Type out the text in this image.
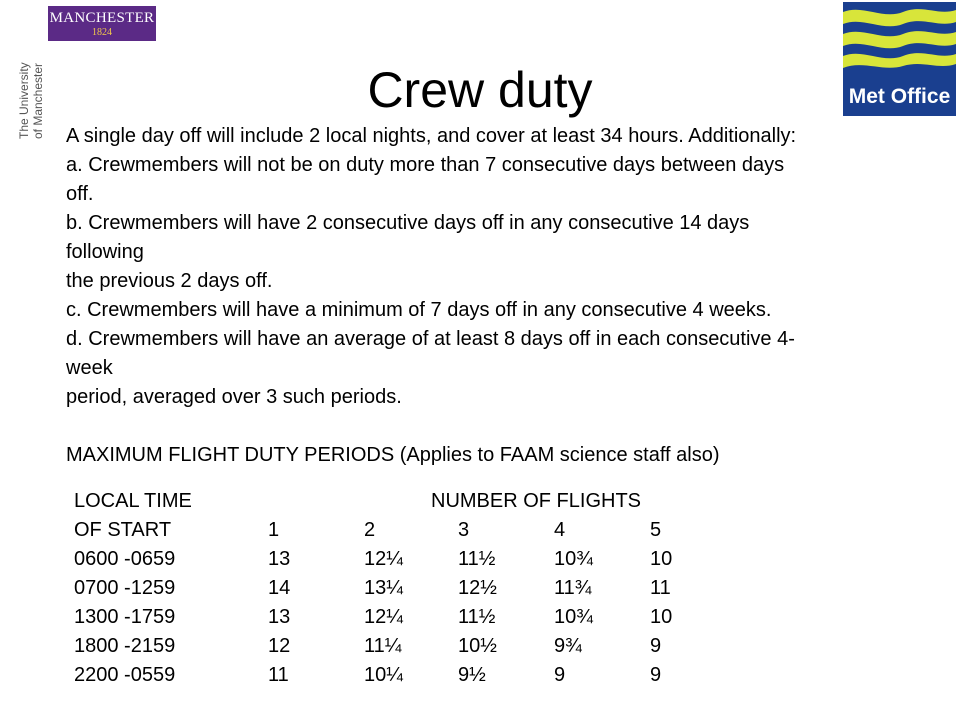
MANCHESTER
1824
The University of Manchester	Met Office
Crew duty

A single day off will include 2 local nights, and cover at least 34 hours. Additionally:

a. Crewmembers will not be on duty more than 7 consecutive days between days

off.

b. Crewmembers will have 2 consecutive days off in any consecutive 14 days

following

the previous 2 days off.

c. Crewmembers will have a minimum of 7 days off in any consecutive 4 weeks.

d. Crewmembers will have an average of at least 8 days off in each consecutive 4-

week

period, averaged over 3 such periods.

MAXIMUM FLIGHT DUTY PERIODS (Applies to FAAM science staff also)

LOCAL TIME	NUMBER OF FLIGHTS
OF START	1	2	3	4	5
0600 -0659	13	12¼	11½	10¾	10
0700 -1259	14	13¼	12½	11¾	11
1300 -1759	13	12¼	11½	10¾	10
1800 -2159	12	11¼	10½	9¾	9
2200 -0559	11	10¼	9½	9	9
